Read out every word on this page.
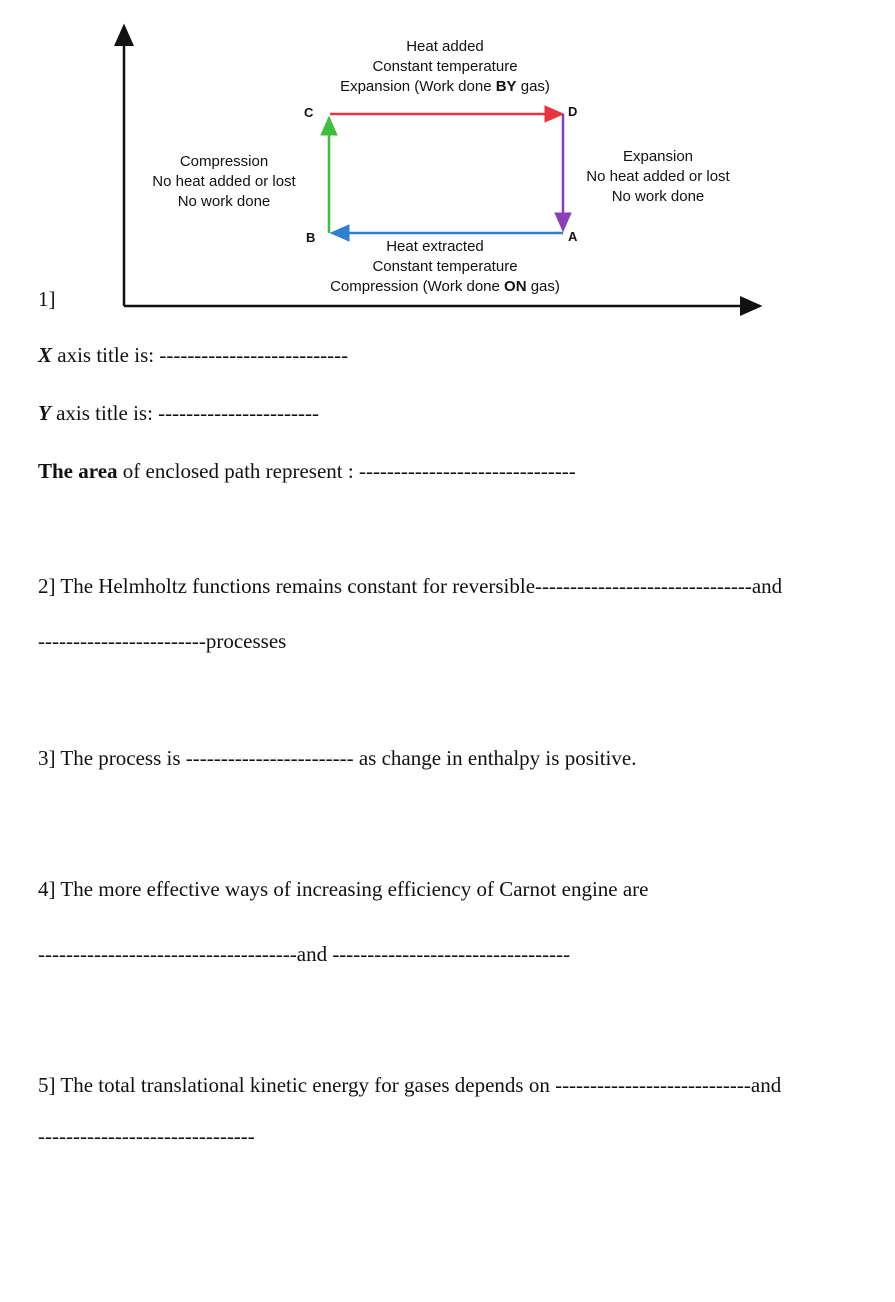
Heat added
Constant temperature
Expansion (Work done BY gas)
Compression
No heat added or lost
No work done
Expansion
No heat added or lost
No work done
Heat extracted
Constant temperature
Compression (Work done ON gas)
C	D
B	A
1]
X axis title is: ---------------------------
Y axis title is: -----------------------
The area of enclosed path represent : -------------------------------
2] The Helmholtz functions remains constant for reversible-------------------------------and
------------------------processes
3] The process is ------------------------ as change in enthalpy is positive.
4] The more effective ways of increasing efficiency of Carnot engine are
-------------------------------------and ----------------------------------
5] The total translational kinetic energy for gases depends on ----------------------------and
-------------------------------
